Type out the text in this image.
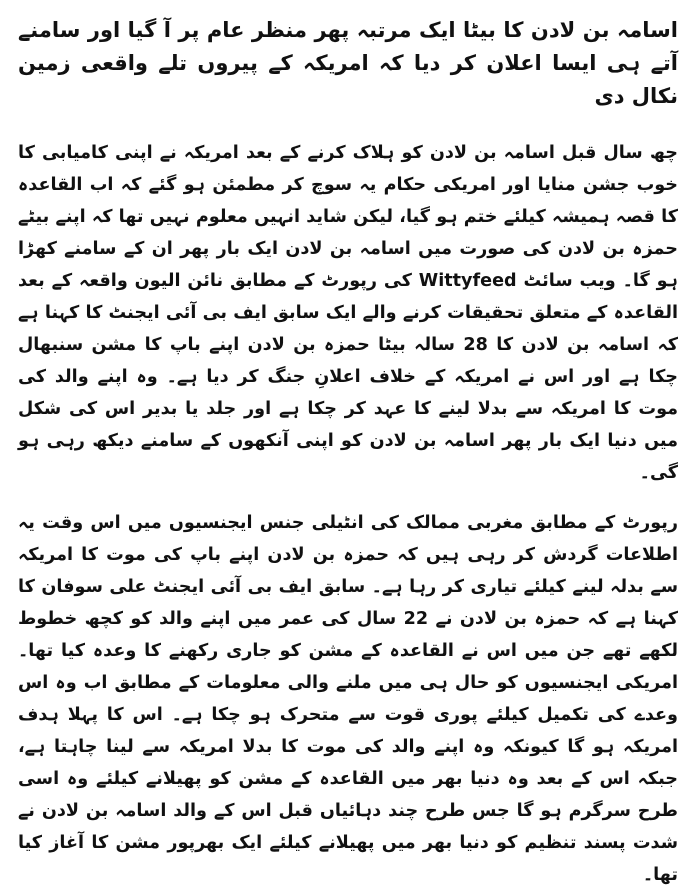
اسامہ بن لادن کا بیٹا ایک مرتبہ پھر منظر عام پر آ گیا اور سامنے آتے ہی ایسا اعلان کر دیا کہ امریکہ کے پیروں تلے واقعی زمین نکال دی

چھ سال قبل اسامہ بن لادن کو ہلاک کرنے کے بعد امریکہ نے اپنی کامیابی کا خوب جشن منایا اور امریکی حکام یہ سوچ کر مطمئن ہو گئے کہ اب القاعدہ کا قصہ ہمیشہ کیلئے ختم ہو گیا، لیکن شاید انہیں معلوم نہیں تھا کہ اپنے بیٹے حمزہ بن لادن کی صورت میں اسامہ بن لادن ایک بار پھر ان کے سامنے کھڑا ہو گا۔ ویب سائٹ Wittyfeed کی رپورٹ کے مطابق نائن الیون واقعہ کے بعد القاعدہ کے متعلق تحقیقات کرنے والے ایک سابق ایف بی آئی ایجنٹ کا کہنا ہے کہ اسامہ بن لادن کا 28 سالہ بیٹا حمزہ بن لادن اپنے باپ کا مشن سنبھال چکا ہے اور اس نے امریکہ کے خلاف اعلانِ جنگ کر دیا ہے۔ وہ اپنے والد کی موت کا امریکہ سے بدلا لینے کا عہد کر چکا ہے اور جلد یا بدیر اس کی شکل میں دنیا ایک بار پھر اسامہ بن لادن کو اپنی آنکھوں کے سامنے دیکھ رہی ہو گی۔

رپورٹ کے مطابق مغربی ممالک کی انٹیلی جنس ایجنسیوں میں اس وقت یہ اطلاعات گردش کر رہی ہیں کہ حمزہ بن لادن اپنے باپ کی موت کا امریکہ سے بدلہ لینے کیلئے تیاری کر رہا ہے۔ سابق ایف بی آئی ایجنٹ علی سوفان کا کہنا ہے کہ حمزہ بن لادن نے 22 سال کی عمر میں اپنے والد کو کچھ خطوط لکھے تھے جن میں اس نے القاعدہ کے مشن کو جاری رکھنے کا وعدہ کیا تھا۔ امریکی ایجنسیوں کو حال ہی میں ملنے والی معلومات کے مطابق اب وہ اس وعدے کی تکمیل کیلئے پوری قوت سے متحرک ہو چکا ہے۔ اس کا پہلا ہدف امریکہ ہو گا کیونکہ وہ اپنے والد کی موت کا بدلا امریکہ سے لینا چاہتا ہے، جبکہ اس کے بعد وہ دنیا بھر میں القاعدہ کے مشن کو پھیلانے کیلئے وہ اسی طرح سرگرم ہو گا جس طرح چند دہائیاں قبل اس کے والد اسامہ بن لادن نے شدت پسند تنظیم کو دنیا بھر میں پھیلانے کیلئے ایک بھرپور مشن کا آغاز کیا تھا۔
